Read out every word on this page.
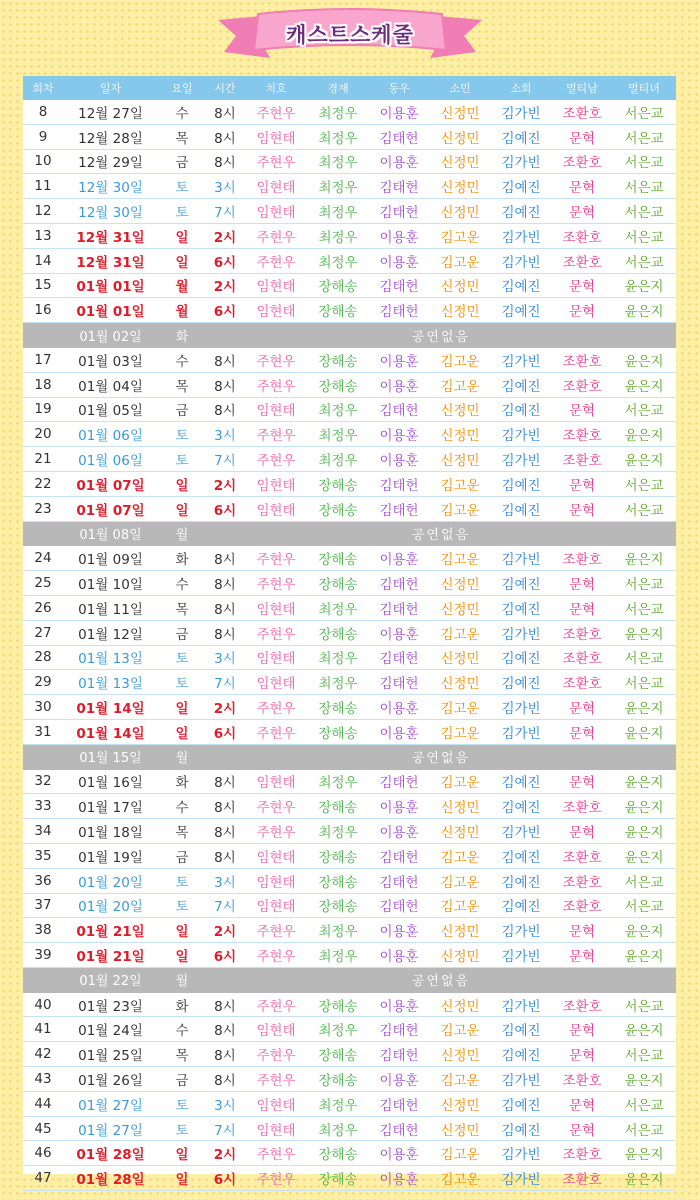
캐스트스케줄
회차	일자	요일	시간	치호	경재	동우	소민	소희	멀티남	멀티녀
8	12월 27일	수	8시	주현우	최정우	이용훈	신정민	김가빈	조환호	서은교
9	12월 28일	목	8시	임현태	최정우	김태헌	신정민	김예진	문혁	서은교
10	12월 29일	금	8시	주현우	최정우	이용훈	신정민	김가빈	조환호	서은교
11	12월 30일	토	3시	임현태	최정우	김태헌	신정민	김예진	문혁	서은교
12	12월 30일	토	7시	임현태	최정우	김태헌	신정민	김예진	문혁	서은교
13	12월 31일	일	2시	주현우	최정우	이용훈	김고운	김가빈	조환호	서은교
14	12월 31일	일	6시	주현우	최정우	이용훈	김고운	김가빈	조환호	서은교
15	01월 01일	월	2시	임현태	장해송	김태헌	신정민	김예진	문혁	윤은지
16	01월 01일	월	6시	임현태	장해송	김태헌	신정민	김예진	문혁	윤은지
	01월 02일	화	공연없음							
17	01월 03일	수	8시	주현우	장해송	이용훈	김고운	김가빈	조환호	윤은지
18	01월 04일	목	8시	주현우	장해송	이용훈	김고운	김예진	조환호	윤은지
19	01월 05일	금	8시	임현태	최정우	김태헌	신정민	김예진	문혁	서은교
20	01월 06일	토	3시	주현우	최정우	이용훈	신정민	김가빈	조환호	윤은지
21	01월 06일	토	7시	주현우	최정우	이용훈	신정민	김가빈	조환호	윤은지
22	01월 07일	일	2시	임현태	장해송	김태헌	김고운	김예진	문혁	서은교
23	01월 07일	일	6시	임현태	장해송	김태헌	김고운	김예진	문혁	서은교
	01월 08일	월	공연없음							
24	01월 09일	화	8시	주현우	장해송	이용훈	김고운	김가빈	조환호	윤은지
25	01월 10일	수	8시	주현우	장해송	김태헌	신정민	김예진	문혁	서은교
26	01월 11일	목	8시	임현태	최정우	김태헌	신정민	김예진	문혁	서은교
27	01월 12일	금	8시	주현우	장해송	이용훈	김고운	김가빈	조환호	윤은지
28	01월 13일	토	3시	임현태	최정우	김태헌	신정민	김예진	조환호	서은교
29	01월 13일	토	7시	임현태	최정우	김태헌	신정민	김예진	조환호	서은교
30	01월 14일	일	2시	주현우	장해송	이용훈	김고운	김가빈	문혁	윤은지
31	01월 14일	일	6시	주현우	장해송	이용훈	김고운	김가빈	문혁	윤은지
	01월 15일	월	공연없음							
32	01월 16일	화	8시	임현태	최정우	김태헌	김고운	김예진	문혁	윤은지
33	01월 17일	수	8시	주현우	장해송	이용훈	신정민	김예진	조환호	윤은지
34	01월 18일	목	8시	주현우	최정우	이용훈	신정민	김가빈	문혁	윤은지
35	01월 19일	금	8시	임현태	장해송	김태헌	김고운	김예진	조환호	윤은지
36	01월 20일	토	3시	임현태	장해송	김태헌	김고운	김예진	조환호	서은교
37	01월 20일	토	7시	임현태	장해송	김태헌	김고운	김예진	조환호	서은교
38	01월 21일	일	2시	주현우	최정우	이용훈	신정민	김가빈	문혁	윤은지
39	01월 21일	일	6시	주현우	최정우	이용훈	신정민	김가빈	문혁	윤은지
	01월 22일	월	공연없음							
40	01월 23일	화	8시	주현우	장해송	이용훈	신정민	김가빈	조환호	서은교
41	01월 24일	수	8시	임현태	최정우	김태헌	김고운	김예진	문혁	윤은지
42	01월 25일	목	8시	주현우	장해송	김태헌	신정민	김예진	문혁	서은교
43	01월 26일	금	8시	주현우	장해송	이용훈	김고운	김가빈	조환호	윤은지
44	01월 27일	토	3시	임현태	최정우	김태헌	신정민	김예진	문혁	서은교
45	01월 27일	토	7시	임현태	최정우	김태헌	신정민	김예진	문혁	서은교
46	01월 28일	일	2시	주현우	장해송	이용훈	김고운	김가빈	조환호	윤은지
47	01월 28일	일	6시	주현우	장해송	이용훈	김고운	김가빈	조환호	윤은지
